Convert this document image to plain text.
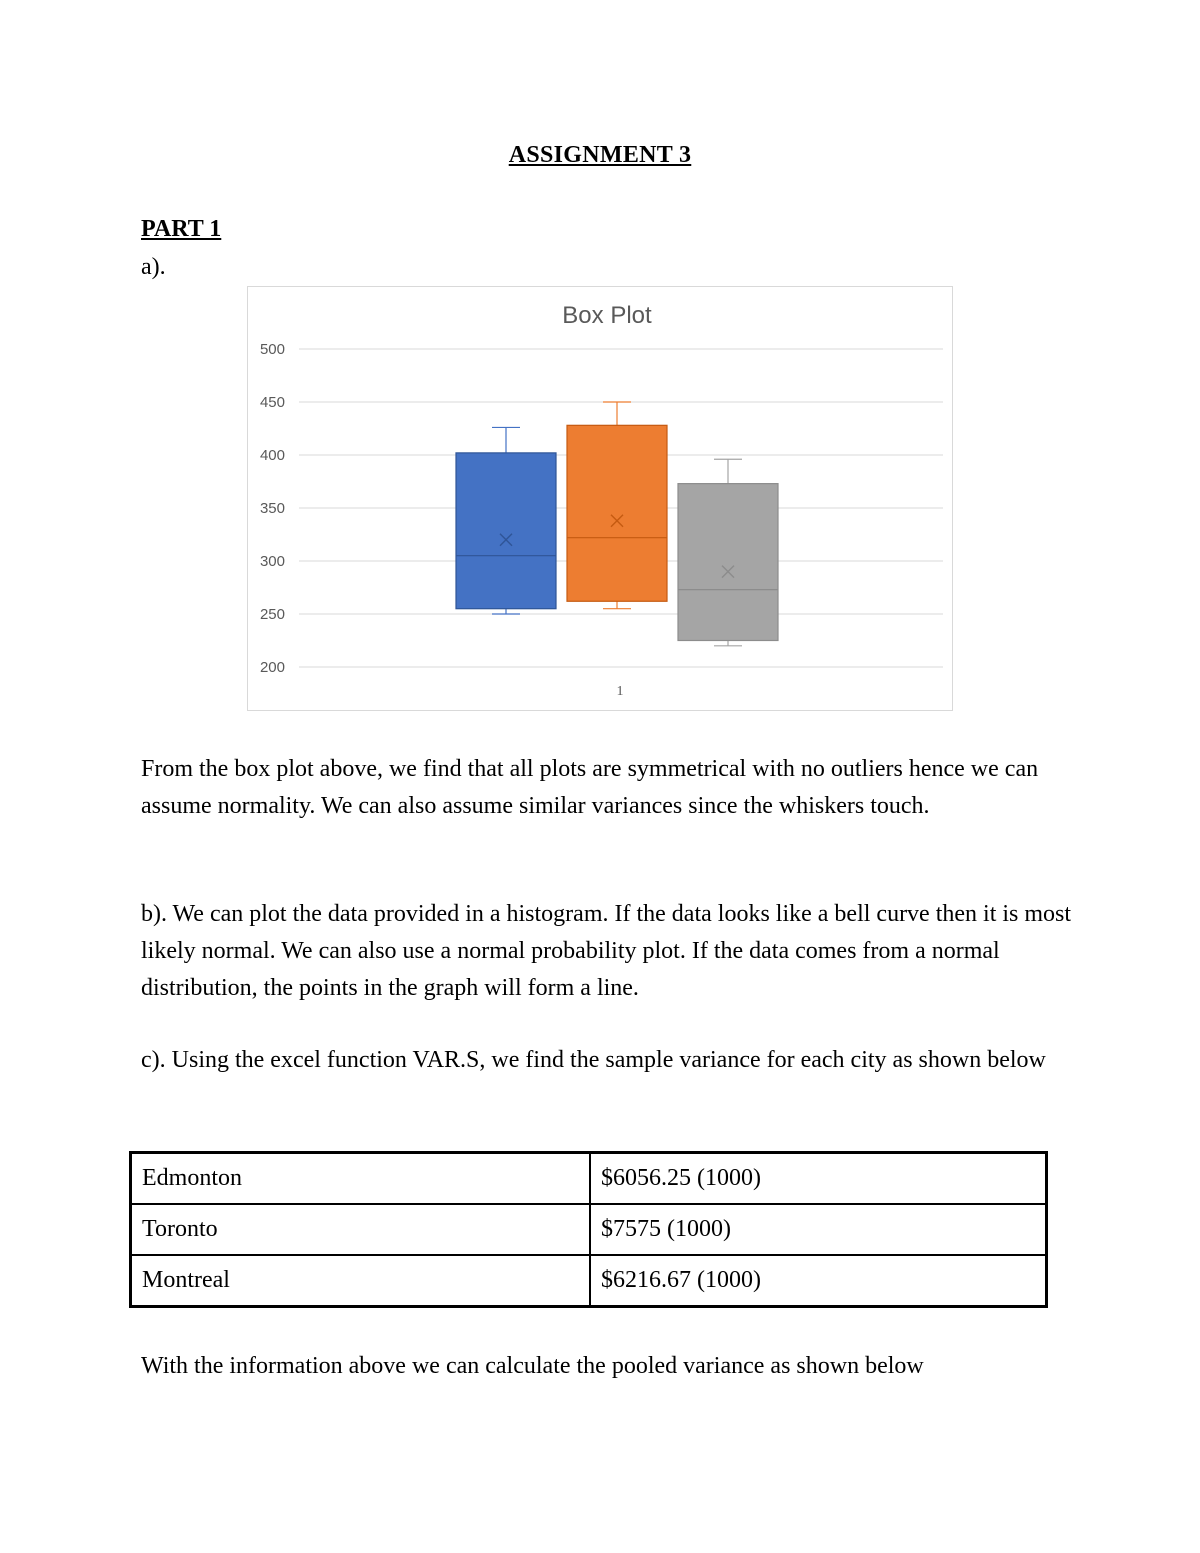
ASSIGNMENT 3
PART 1
a).
Box Plot
200
250
300
350
400
450
500
1

From the box plot above, we find that all plots are symmetrical with no outliers hence we can assume normality. We can also assume similar variances since the whiskers touch.

b). We can plot the data provided in a histogram. If the data looks like a bell curve then it is most likely normal. We can also use a normal probability plot. If the data comes from a normal distribution, the points in the graph will form a line.

c). Using the excel function VAR.S, we find the sample variance for each city as shown below

Edmonton	$6056.25 (1000)
Toronto	$7575 (1000)
Montreal	$6216.67 (1000)

With the information above we can calculate the pooled variance as shown below
